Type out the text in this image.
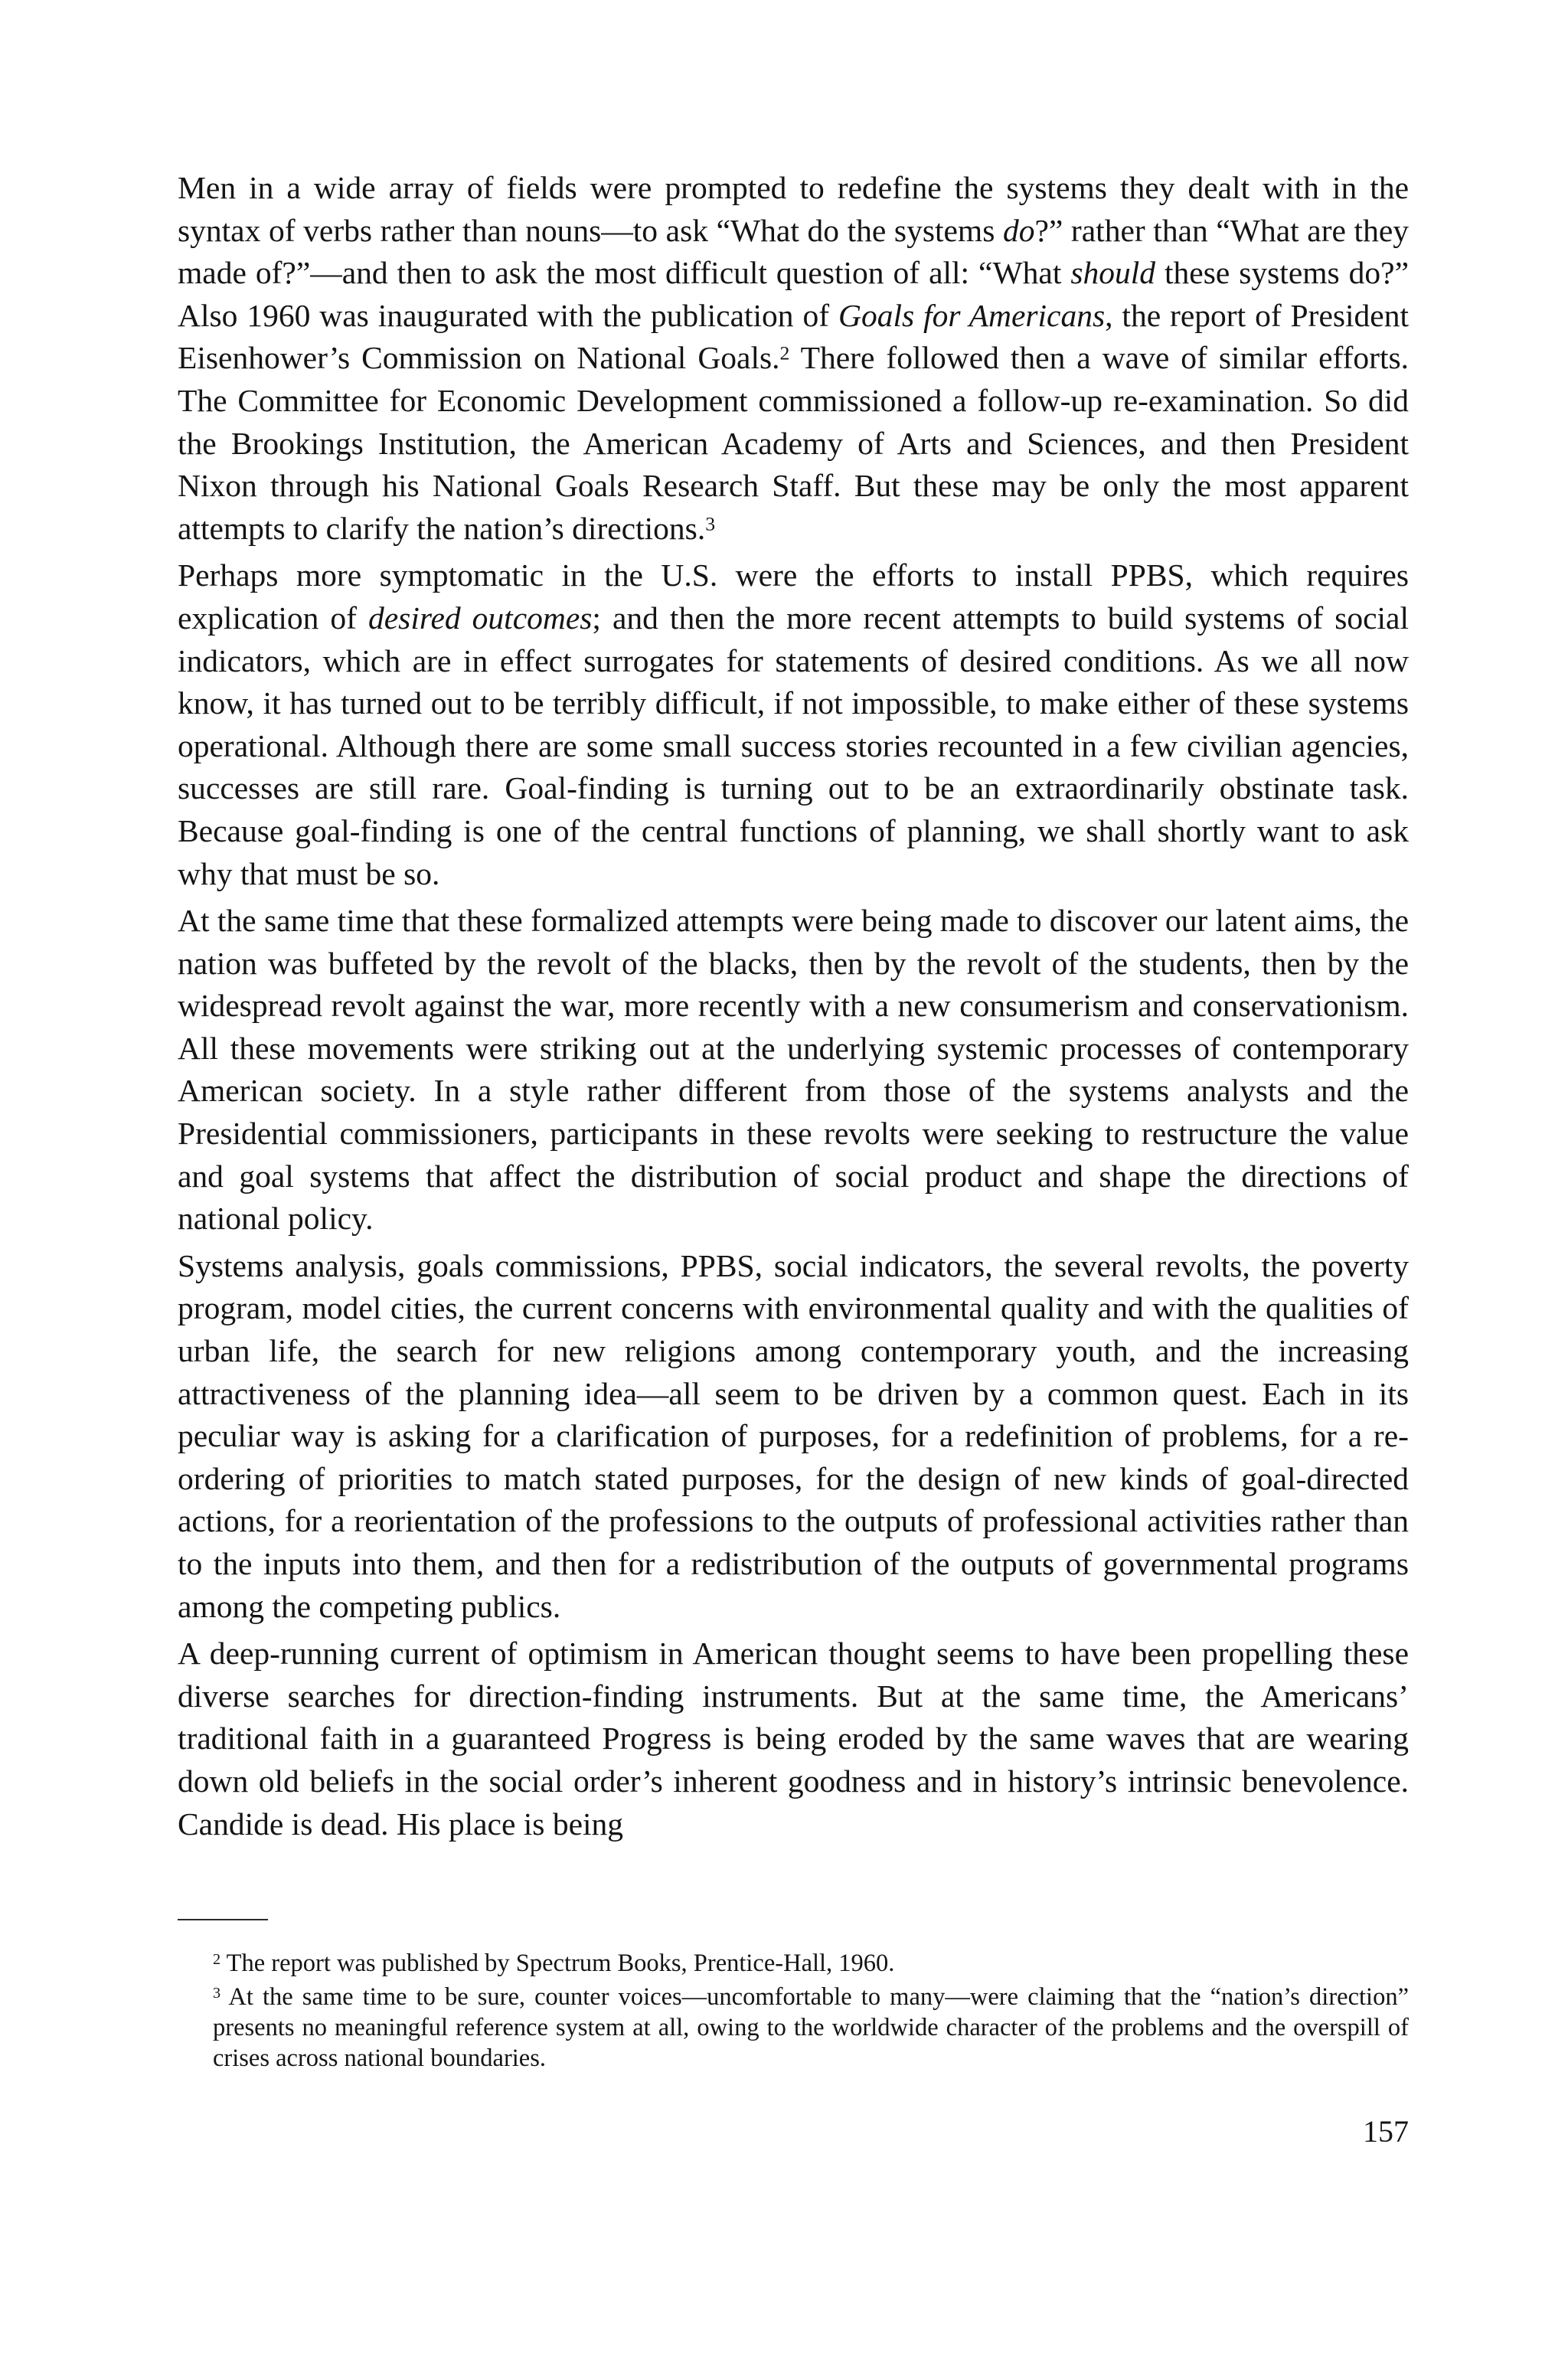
Men in a wide array of fields were prompted to redefine the systems they dealt with in the syntax of verbs rather than nouns—to ask “What do the systems do?” rather than “What are they made of?”—and then to ask the most difficult question of all: “What should these systems do?” Also 1960 was inaugurated with the publication of Goals for Americans, the report of President Eisenhower’s Commission on National Goals.$^2$ There followed then a wave of similar efforts. The Committee for Economic Development commissioned a follow-up re-examination. So did the Brookings Institution, the American Academy of Arts and Sciences, and then President Nixon through his National Goals Research Staff. But these may be only the most apparent attempts to clarify the nation’s directions.$^3$

Perhaps more symptomatic in the U.S. were the efforts to install PPBS, which requires explication of desired outcomes; and then the more recent attempts to build systems of social indicators, which are in effect surrogates for statements of desired conditions. As we all now know, it has turned out to be terribly difficult, if not impossible, to make either of these systems operational. Although there are some small success stories recounted in a few civilian agencies, successes are still rare. Goal-finding is turning out to be an extraordinarily obstinate task. Because goal-finding is one of the central functions of planning, we shall shortly want to ask why that must be so.

At the same time that these formalized attempts were being made to discover our latent aims, the nation was buffeted by the revolt of the blacks, then by the revolt of the students, then by the widespread revolt against the war, more recently with a new consumerism and conservationism. All these movements were striking out at the underlying systemic processes of contemporary American society. In a style rather different from those of the systems analysts and the Presidential commissioners, participants in these revolts were seeking to restructure the value and goal systems that affect the distribution of social product and shape the directions of national policy.

Systems analysis, goals commissions, PPBS, social indicators, the several revolts, the poverty program, model cities, the current concerns with environmental quality and with the qualities of urban life, the search for new religions among contemporary youth, and the increasing attractiveness of the planning idea—all seem to be driven by a common quest. Each in its peculiar way is asking for a clarification of purposes, for a redefinition of problems, for a re-ordering of priorities to match stated purposes, for the design of new kinds of goal-directed actions, for a reorientation of the professions to the outputs of professional activities rather than to the inputs into them, and then for a redistribution of the outputs of governmental programs among the competing publics.

A deep-running current of optimism in American thought seems to have been propelling these diverse searches for direction-finding instruments. But at the same time, the Americans’ traditional faith in a guaranteed Progress is being eroded by the same waves that are wearing down old beliefs in the social order’s inherent goodness and in history’s intrinsic benevolence. Candide is dead. His place is being

$^2$ The report was published by Spectrum Books, Prentice-Hall, 1960.

$^3$ At the same time to be sure, counter voices—uncomfortable to many—were claiming that the “nation’s direction” presents no meaningful reference system at all, owing to the worldwide character of the problems and the overspill of crises across national boundaries.

157
